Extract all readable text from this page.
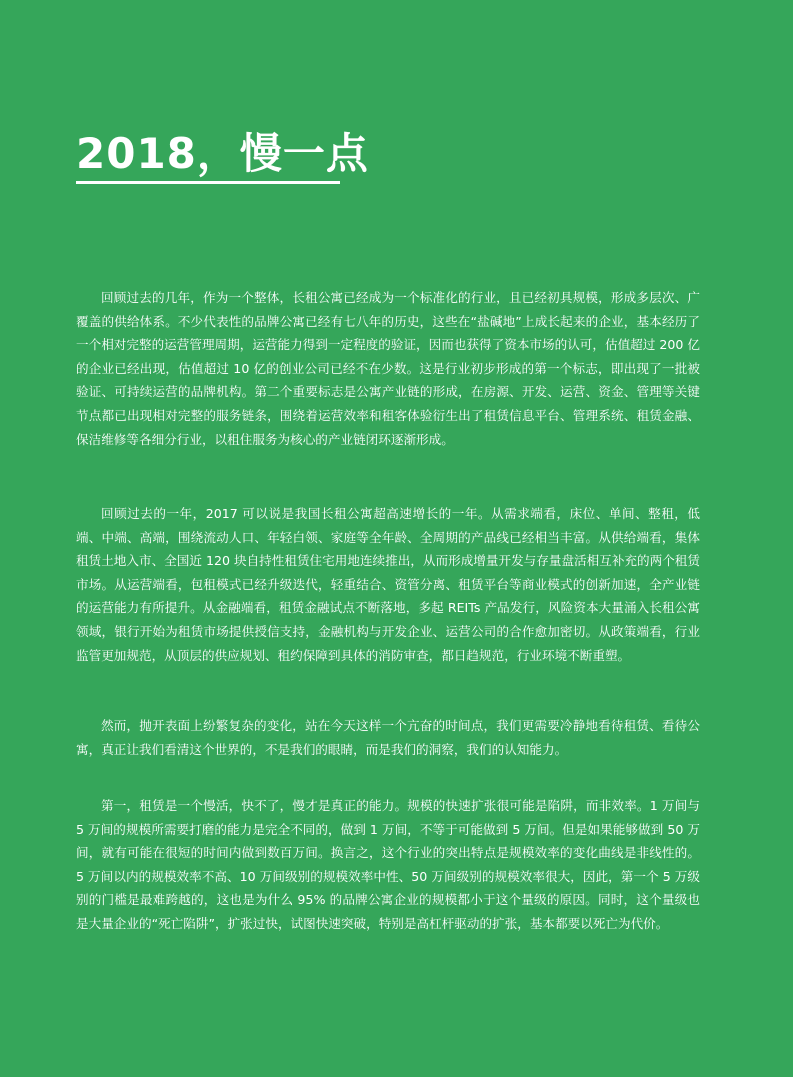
2018，慢一点

回顾过去的几年，作为一个整体，长租公寓已经成为一个标准化的行业，且已经初具规模，形成多层次、广覆盖的供给体系。不少代表性的品牌公寓已经有七八年的历史，这些在“盐碱地”上成长起来的企业，基本经历了一个相对完整的运营管理周期，运营能力得到一定程度的验证，因而也获得了资本市场的认可，估值超过 200 亿的企业已经出现，估值超过 10 亿的创业公司已经不在少数。这是行业初步形成的第一个标志，即出现了一批被验证、可持续运营的品牌机构。第二个重要标志是公寓产业链的形成，在房源、开发、运营、资金、管理等关键节点都已出现相对完整的服务链条，围绕着运营效率和租客体验衍生出了租赁信息平台、管理系统、租赁金融、保洁维修等各细分行业，以租住服务为核心的产业链闭环逐渐形成。

回顾过去的一年，2017 可以说是我国长租公寓超高速增长的一年。从需求端看，床位、单间、整租，低端、中端、高端，围绕流动人口、年轻白领、家庭等全年龄、全周期的产品线已经相当丰富。从供给端看，集体租赁土地入市、全国近 120 块自持性租赁住宅用地连续推出，从而形成增量开发与存量盘活相互补充的两个租赁市场。从运营端看，包租模式已经升级迭代，轻重结合、资管分离、租赁平台等商业模式的创新加速，全产业链的运营能力有所提升。从金融端看，租赁金融试点不断落地，多起 REITs 产品发行，风险资本大量涌入长租公寓领域，银行开始为租赁市场提供授信支持，金融机构与开发企业、运营公司的合作愈加密切。从政策端看，行业监管更加规范，从顶层的供应规划、租约保障到具体的消防审查，都日趋规范，行业环境不断重塑。

然而，抛开表面上纷繁复杂的变化，站在今天这样一个亢奋的时间点，我们更需要冷静地看待租赁、看待公寓，真正让我们看清这个世界的，不是我们的眼睛，而是我们的洞察，我们的认知能力。

第一，租赁是一个慢活，快不了，慢才是真正的能力。规模的快速扩张很可能是陷阱，而非效率。1 万间与 5 万间的规模所需要打磨的能力是完全不同的，做到 1 万间，不等于可能做到 5 万间。但是如果能够做到 50 万间，就有可能在很短的时间内做到数百万间。换言之，这个行业的突出特点是规模效率的变化曲线是非线性的。5 万间以内的规模效率不高、10 万间级别的规模效率中性、50 万间级别的规模效率很大，因此，第一个 5 万级别的门槛是最难跨越的，这也是为什么 95% 的品牌公寓企业的规模都小于这个量级的原因。同时，这个量级也是大量企业的“死亡陷阱”，扩张过快，试图快速突破，特别是高杠杆驱动的扩张，基本都要以死亡为代价。
